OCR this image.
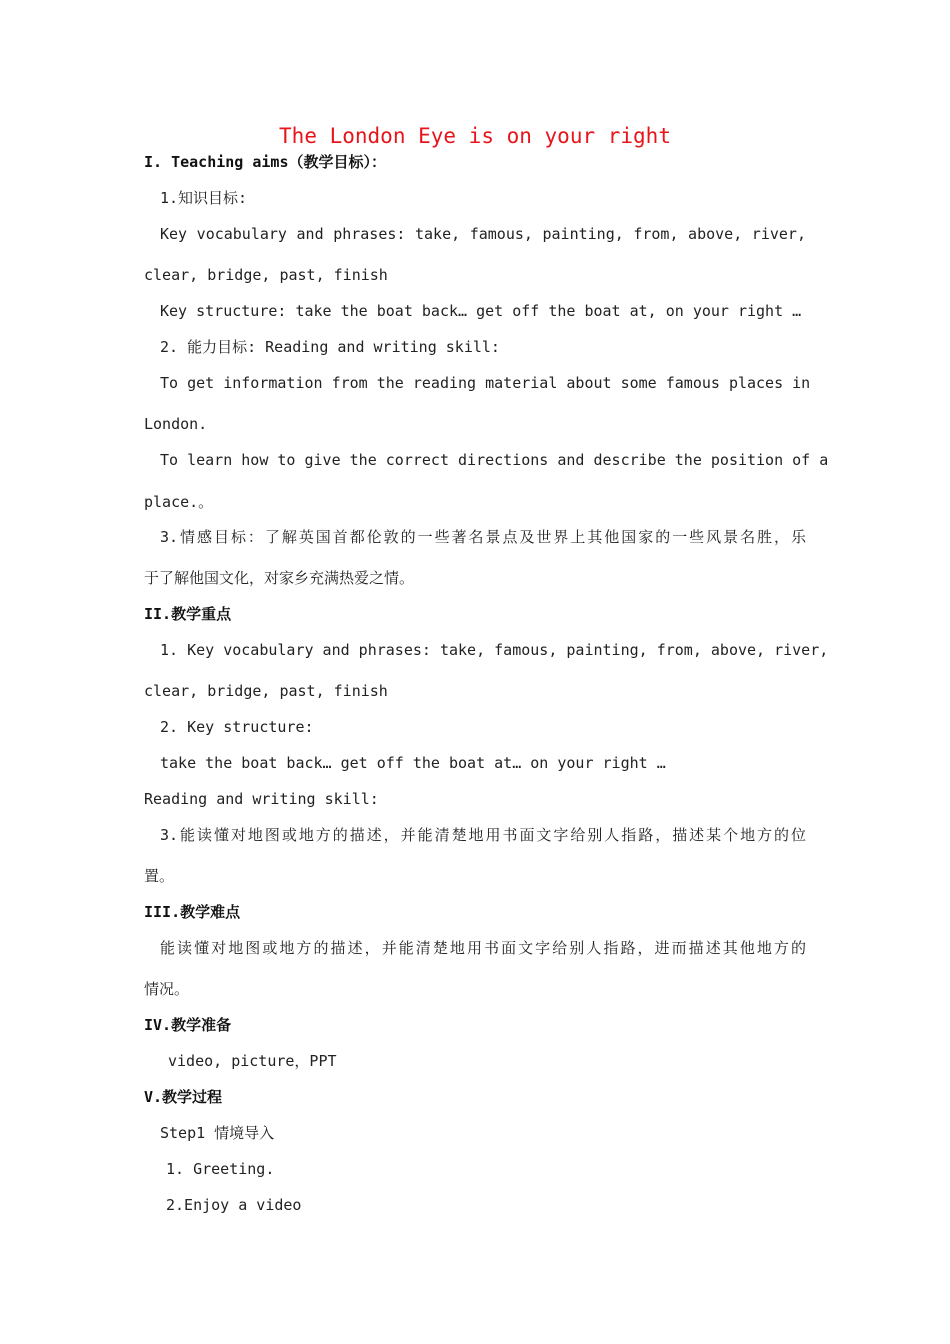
The London Eye is on your right
I. Teaching aims（教学目标）：
1.知识目标:
Key vocabulary and phrases: take, famous, painting, from, above, river,
clear, bridge, past, finish
Key structure: take the boat back… get off the boat at, on your right …
2. 能力目标: Reading and writing skill:
To get information from the reading material about some famous places in
London.
To learn how to give the correct directions and describe the position of a
place.。
3.情感目标：了解英国首都伦敦的一些著名景点及世界上其他国家的一些风景名胜，乐
于了解他国文化，对家乡充满热爱之情。
II.教学重点
1. Key vocabulary and phrases: take, famous, painting, from, above, river,
clear, bridge, past, finish
2. Key structure:
take the boat back… get off the boat at… on your right …
Reading and writing skill:
3.能读懂对地图或地方的描述，并能清楚地用书面文字给别人指路，描述某个地方的位
置。
III.教学难点
能读懂对地图或地方的描述，并能清楚地用书面文字给别人指路，进而描述其他地方的
情况。
IV.教学准备
video, picture，PPT
V.教学过程
Step1 情境导入
1. Greeting.
2.Enjoy a video
